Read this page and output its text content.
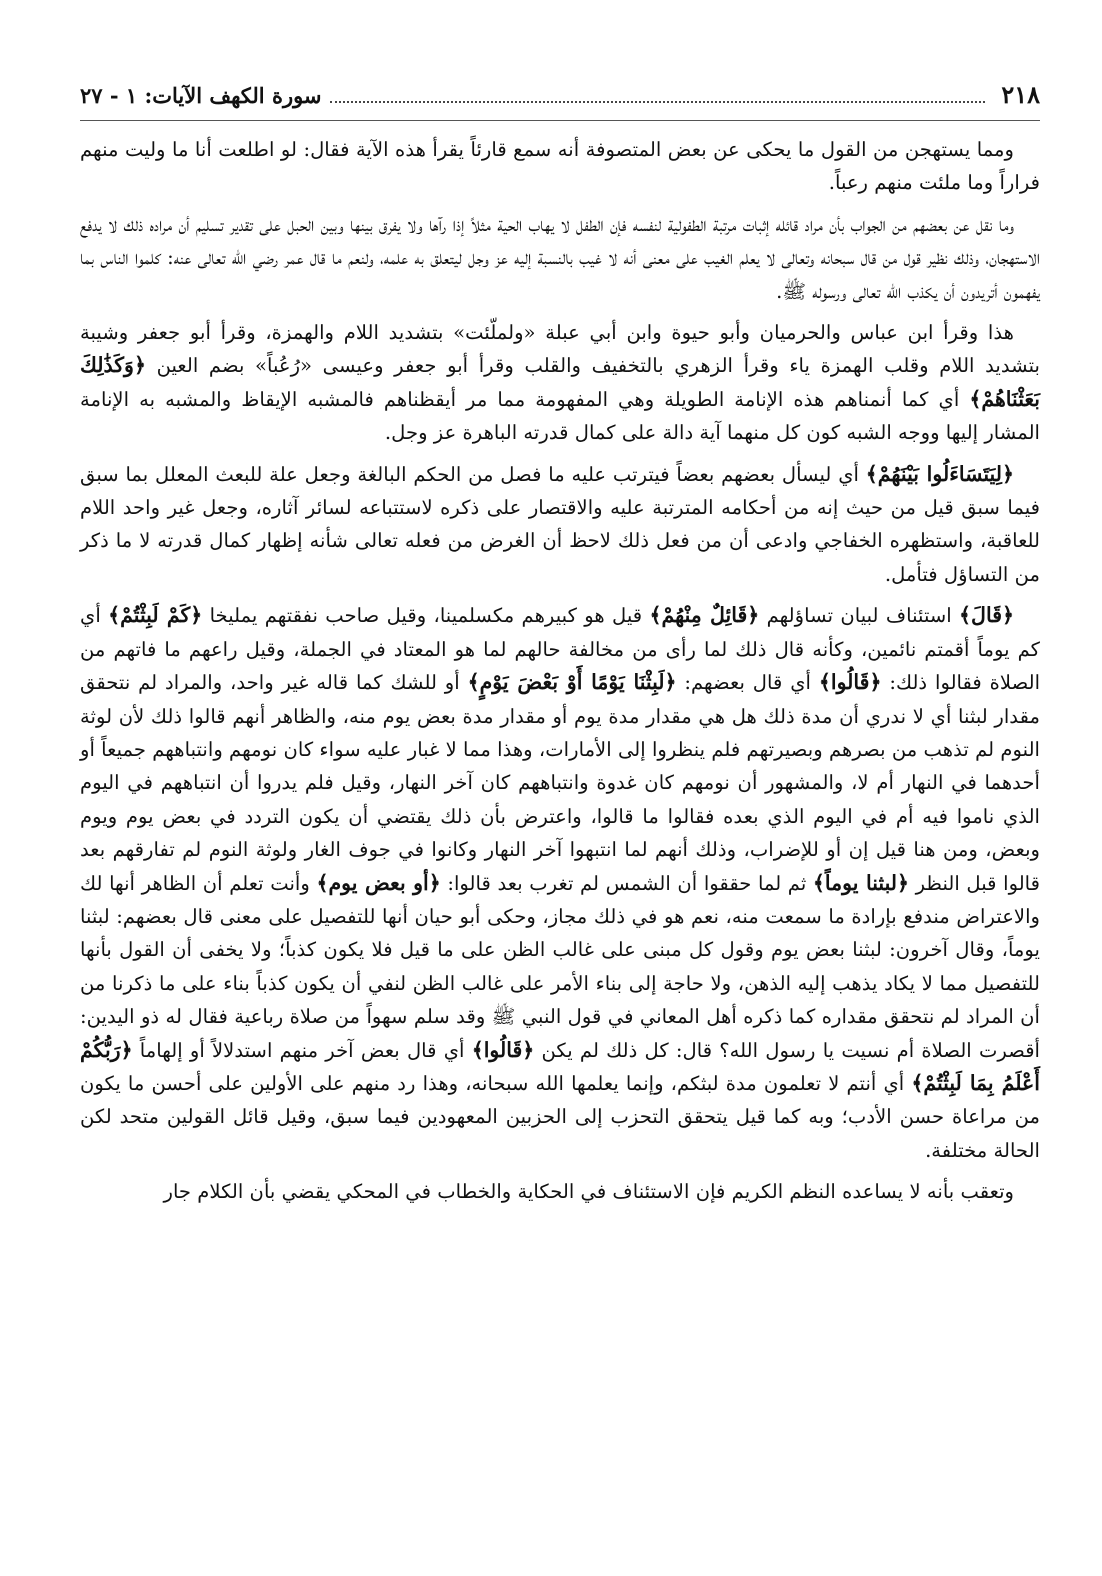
٢١٨
سورة الكهف الآيات: ١ - ٢٧

ومما يستهجن من القول ما يحكى عن بعض المتصوفة أنه سمع قارئاً يقرأ هذه الآية فقال: لو اطلعت أنا ما وليت منهم فراراً وما ملئت منهم رعباً.

وما نقل عن بعضهم من الجواب بأن مراد قائله إثبات مرتبة الطفولية لنفسه فإن الطفل لا يهاب الحية مثلاً إذا رآها ولا يفرق بينها وبين الحبل على تقدير تسليم أن مراده ذلك لا يدفع الاستهجان، وذلك نظير قول من قال سبحانه وتعالى لا يعلم الغيب على معنى أنه لا غيب بالنسبة إليه عز وجل ليتعلق به علمه، ولنعم ما قال عمر رضي الله تعالى عنه: كلموا الناس بما يفهمون أتريدون أن يكذب الله تعالى ورسوله ﷺ.

هذا وقرأ ابن عباس والحرميان وأبو حيوة وابن أبي عبلة «ولملّئت» بتشديد اللام والهمزة، وقرأ أبو جعفر وشيبة بتشديد اللام وقلب الهمزة ياء وقرأ الزهري بالتخفيف والقلب وقرأ أبو جعفر وعيسى «رُعُباً» بضم العين ﴿وَكَذَٰلِكَ بَعَثْنَاهُمْ﴾ أي كما أنمناهم هذه الإنامة الطويلة وهي المفهومة مما مر أيقظناهم فالمشبه الإيقاظ والمشبه به الإنامة المشار إليها ووجه الشبه كون كل منهما آية دالة على كمال قدرته الباهرة عز وجل.

﴿لِيَتَسَاءَلُوا بَيْنَهُمْ﴾ أي ليسأل بعضهم بعضاً فيترتب عليه ما فصل من الحكم البالغة وجعل علة للبعث المعلل بما سبق فيما سبق قيل من حيث إنه من أحكامه المترتبة عليه والاقتصار على ذكره لاستتباعه لسائر آثاره، وجعل غير واحد اللام للعاقبة، واستظهره الخفاجي وادعى أن من فعل ذلك لاحظ أن الغرض من فعله تعالى شأنه إظهار كمال قدرته لا ما ذكر من التساؤل فتأمل.

﴿قَالَ﴾ استئناف لبيان تساؤلهم ﴿قَائِلٌ مِنْهُمْ﴾ قيل هو كبيرهم مكسلمينا، وقيل صاحب نفقتهم يمليخا ﴿كَمْ لَبِثْتُمْ﴾ أي كم يوماً أقمتم نائمين، وكأنه قال ذلك لما رأى من مخالفة حالهم لما هو المعتاد في الجملة، وقيل راعهم ما فاتهم من الصلاة فقالوا ذلك: ﴿قَالُوا﴾ أي قال بعضهم: ﴿لَبِثْنَا يَوْمًا أَوْ بَعْضَ يَوْمٍ﴾ أو للشك كما قاله غير واحد، والمراد لم نتحقق مقدار لبثنا أي لا ندري أن مدة ذلك هل هي مقدار مدة يوم أو مقدار مدة بعض يوم منه، والظاهر أنهم قالوا ذلك لأن لوثة النوم لم تذهب من بصرهم وبصيرتهم فلم ينظروا إلى الأمارات، وهذا مما لا غبار عليه سواء كان نومهم وانتباههم جميعاً أو أحدهما في النهار أم لا، والمشهور أن نومهم كان غدوة وانتباههم كان آخر النهار، وقيل فلم يدروا أن انتباههم في اليوم الذي ناموا فيه أم في اليوم الذي بعده فقالوا ما قالوا، واعترض بأن ذلك يقتضي أن يكون التردد في بعض يوم ويوم وبعض، ومن هنا قيل إن أو للإضراب، وذلك أنهم لما انتبهوا آخر النهار وكانوا في جوف الغار ولوثة النوم لم تفارقهم بعد قالوا قبل النظر ﴿لبثنا يوماً﴾ ثم لما حققوا أن الشمس لم تغرب بعد قالوا: ﴿أو بعض يوم﴾ وأنت تعلم أن الظاهر أنها لك والاعتراض مندفع بإرادة ما سمعت منه، نعم هو في ذلك مجاز، وحكى أبو حيان أنها للتفصيل على معنى قال بعضهم: لبثنا يوماً، وقال آخرون: لبثنا بعض يوم وقول كل مبنى على غالب الظن على ما قيل فلا يكون كذباً؛ ولا يخفى أن القول بأنها للتفصيل مما لا يكاد يذهب إليه الذهن، ولا حاجة إلى بناء الأمر على غالب الظن لنفي أن يكون كذباً بناء على ما ذكرنا من أن المراد لم نتحقق مقداره كما ذكره أهل المعاني في قول النبي ﷺ وقد سلم سهواً من صلاة رباعية فقال له ذو اليدين: أقصرت الصلاة أم نسيت يا رسول الله؟ قال: كل ذلك لم يكن ﴿قَالُوا﴾ أي قال بعض آخر منهم استدلالاً أو إلهاماً ﴿رَبُّكُمْ أَعْلَمُ بِمَا لَبِثْتُمْ﴾ أي أنتم لا تعلمون مدة لبثكم، وإنما يعلمها الله سبحانه، وهذا رد منهم على الأولين على أحسن ما يكون من مراعاة حسن الأدب؛ وبه كما قيل يتحقق التحزب إلى الحزبين المعهودين فيما سبق، وقيل قائل القولين متحد لكن الحالة مختلفة.

وتعقب بأنه لا يساعده النظم الكريم فإن الاستئناف في الحكاية والخطاب في المحكي يقضي بأن الكلام جار
